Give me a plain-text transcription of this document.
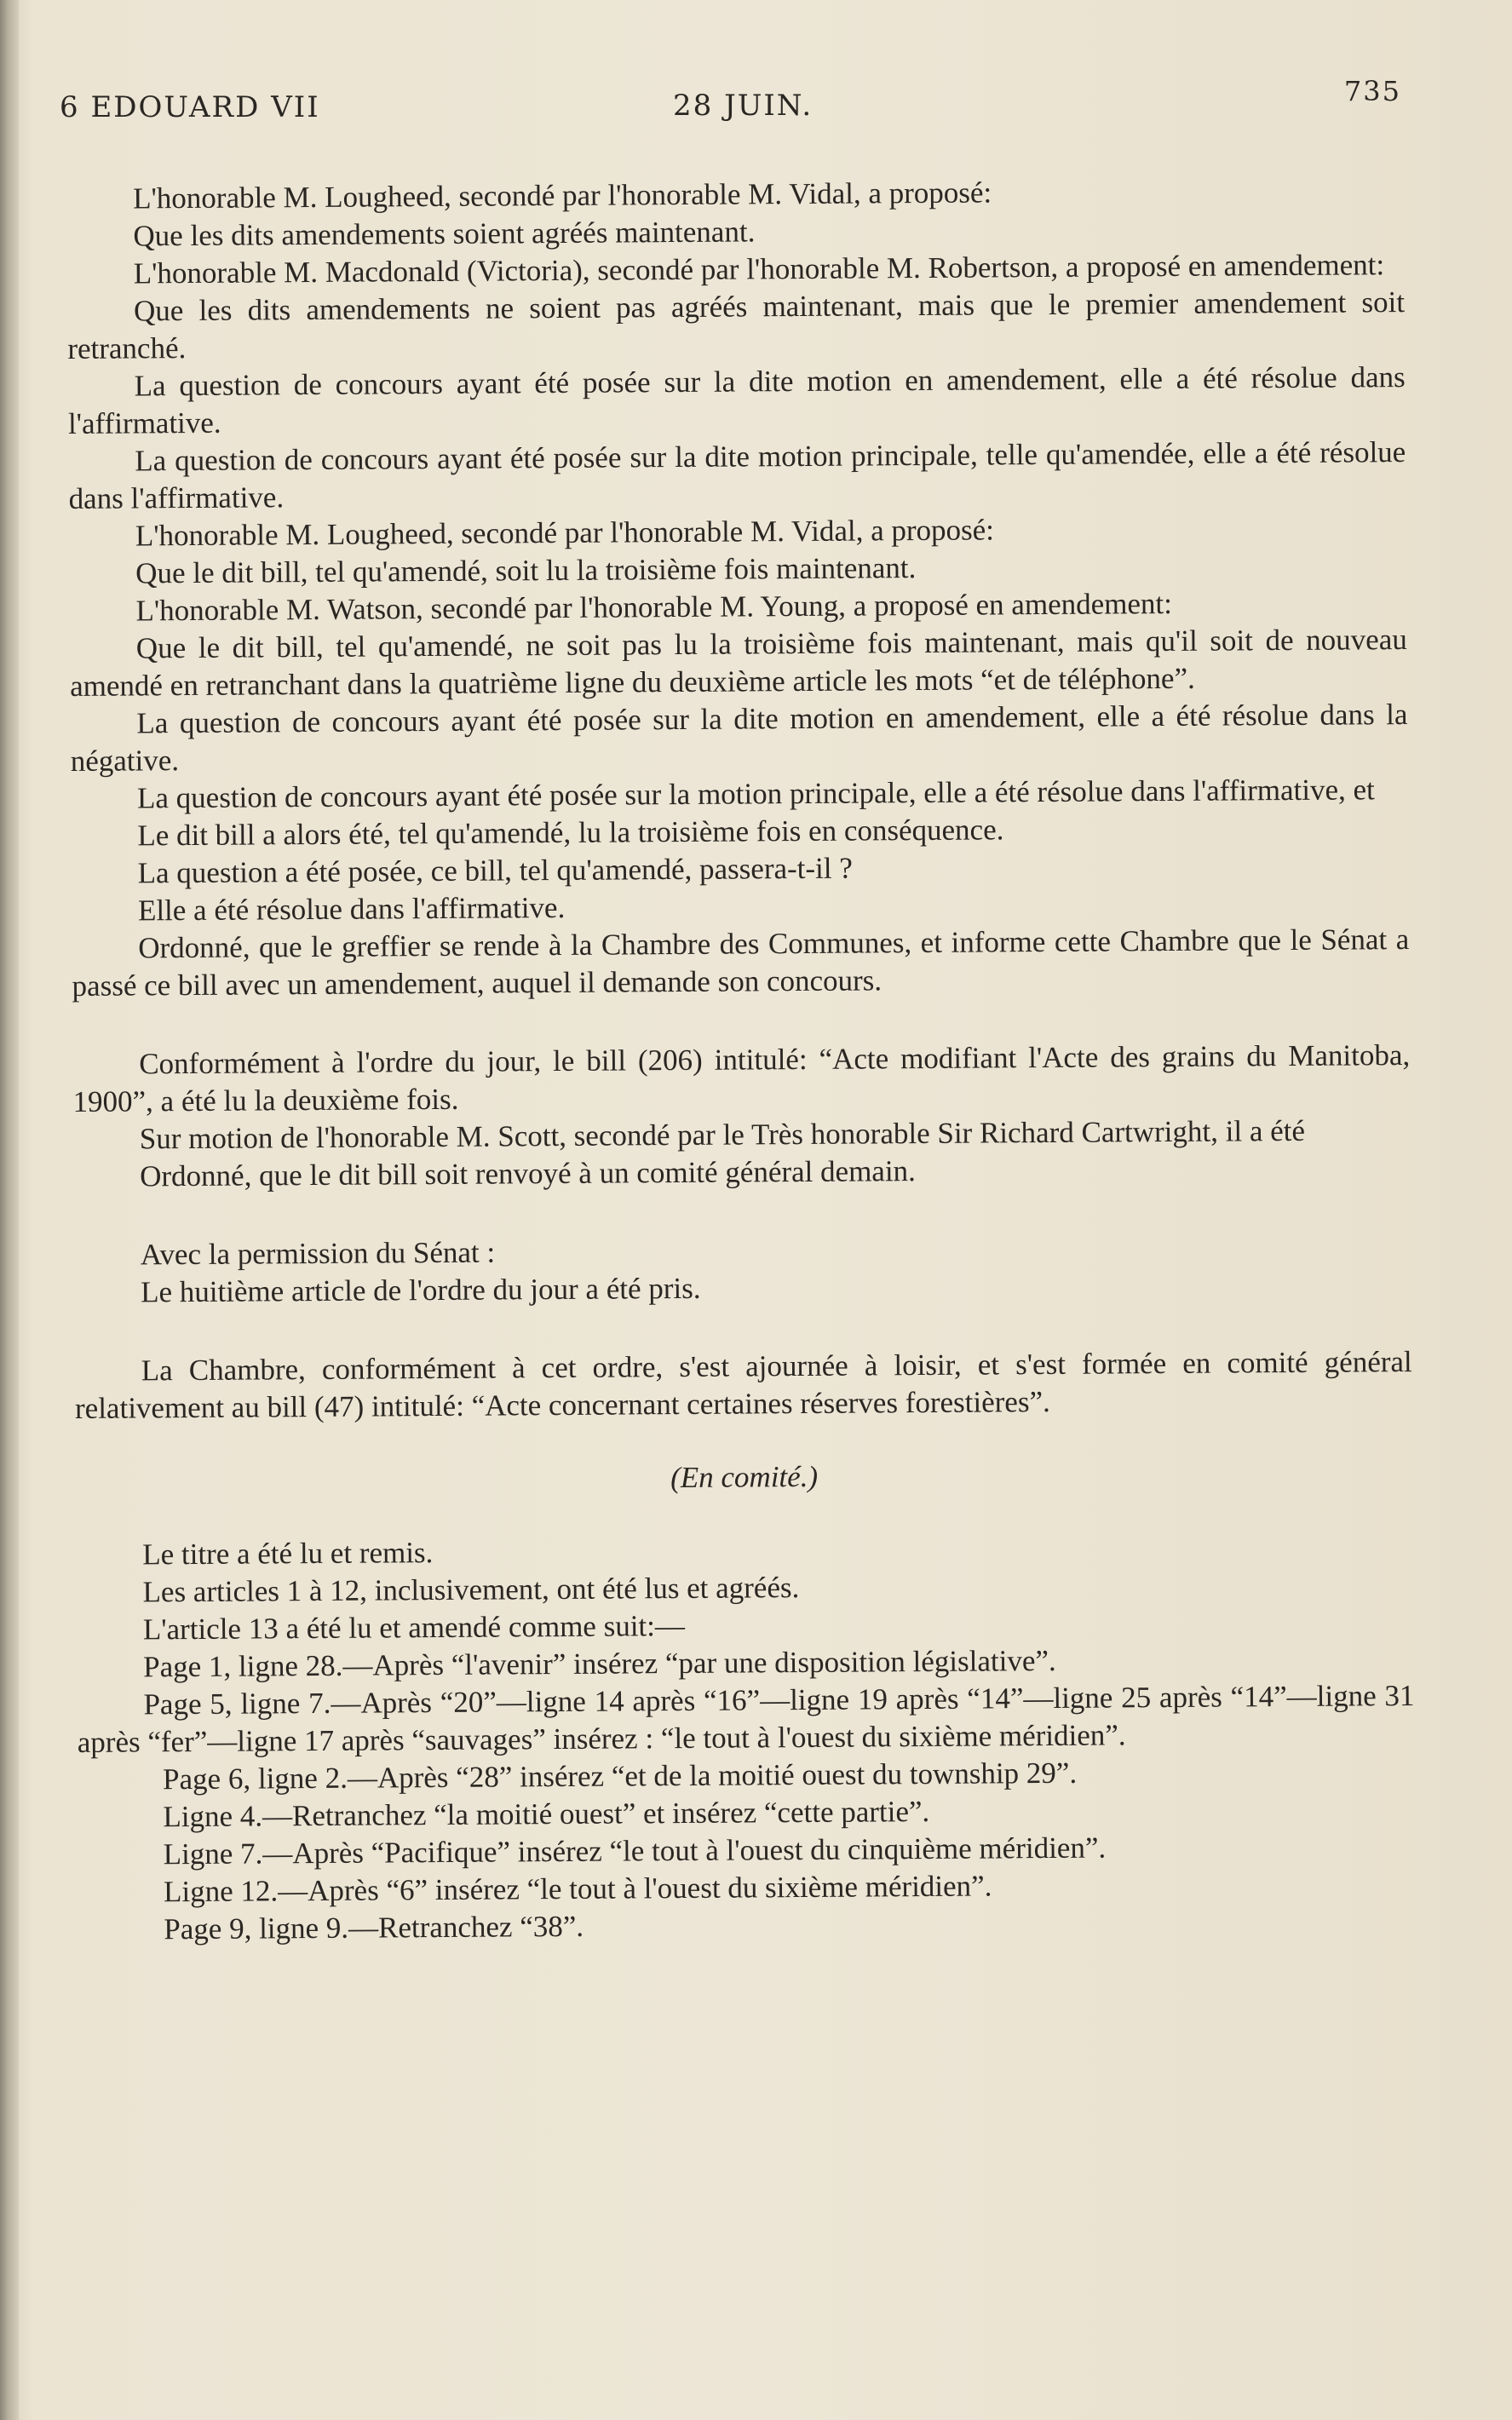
6 EDOUARD VII	28 JUIN.	735

L'honorable M. Lougheed, secondé par l'honorable M. Vidal, a proposé:

Que les dits amendements soient agréés maintenant.

L'honorable M. Macdonald (Victoria), secondé par l'honorable M. Robertson, a proposé en amendement:

Que les dits amendements ne soient pas agréés maintenant, mais que le premier amendement soit retranché.

La question de concours ayant été posée sur la dite motion en amendement, elle a été résolue dans l'affirmative.

La question de concours ayant été posée sur la dite motion principale, telle qu'amendée, elle a été résolue dans l'affirmative.

L'honorable M. Lougheed, secondé par l'honorable M. Vidal, a proposé:

Que le dit bill, tel qu'amendé, soit lu la troisième fois maintenant.

L'honorable M. Watson, secondé par l'honorable M. Young, a proposé en amendement:

Que le dit bill, tel qu'amendé, ne soit pas lu la troisième fois maintenant, mais qu'il soit de nouveau amendé en retranchant dans la quatrième ligne du deuxième article les mots “et de téléphone”.

La question de concours ayant été posée sur la dite motion en amendement, elle a été résolue dans la négative.

La question de concours ayant été posée sur la motion principale, elle a été résolue dans l'affirmative, et

Le dit bill a alors été, tel qu'amendé, lu la troisième fois en conséquence.

La question a été posée, ce bill, tel qu'amendé, passera-t-il ?

Elle a été résolue dans l'affirmative.

Ordonné, que le greffier se rende à la Chambre des Communes, et informe cette Chambre que le Sénat a passé ce bill avec un amendement, auquel il demande son concours.

Conformément à l'ordre du jour, le bill (206) intitulé: “Acte modifiant l'Acte des grains du Manitoba, 1900”, a été lu la deuxième fois.

Sur motion de l'honorable M. Scott, secondé par le Très honorable Sir Richard Cartwright, il a été

Ordonné, que le dit bill soit renvoyé à un comité général demain.

Avec la permission du Sénat :

Le huitième article de l'ordre du jour a été pris.

La Chambre, conformément à cet ordre, s'est ajournée à loisir, et s'est formée en comité général relativement au bill (47) intitulé: “Acte concernant certaines réserves forestières”.

(En comité.)

Le titre a été lu et remis.

Les articles 1 à 12, inclusivement, ont été lus et agréés.

L'article 13 a été lu et amendé comme suit:—

Page 1, ligne 28.—Après “l'avenir” insérez “par une disposition législative”.

Page 5, ligne 7.—Après “20”—ligne 14 après “16”—ligne 19 après “14”—ligne 25 après “14”—ligne 31 après “fer”—ligne 17 après “sauvages” insérez : “le tout à l'ouest du sixième méridien”.

Page 6, ligne 2.—Après “28” insérez “et de la moitié ouest du township 29”.

Ligne 4.—Retranchez “la moitié ouest” et insérez “cette partie”.

Ligne 7.—Après “Pacifique” insérez “le tout à l'ouest du cinquième méridien”.

Ligne 12.—Après “6” insérez “le tout à l'ouest du sixième méridien”.

Page 9, ligne 9.—Retranchez “38”.
